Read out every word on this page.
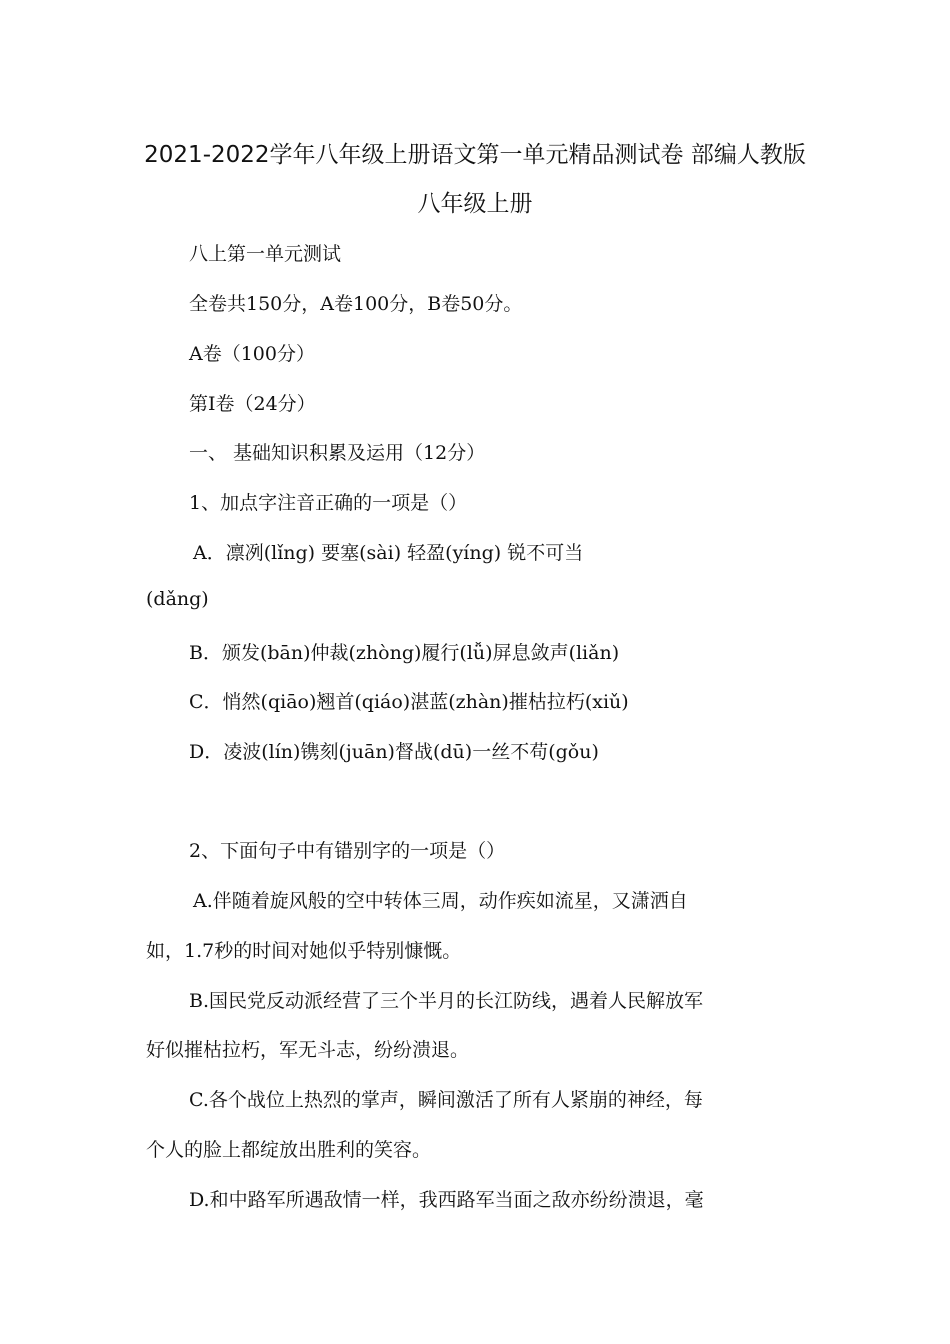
2021-2022学年八年级上册语文第一单元精品测试卷 部编人教版
八年级上册
八上第一单元测试
全卷共150分，A卷100分，B卷50分。
A卷（100分）
第Ⅰ卷（24分）
一、 基础知识积累及运用（12分）
1、加点字注音正确的一项是（）
A．凛冽(lǐng) 要塞(sài) 轻盈(yíng) 锐不可当
(dǎng)
B．颁发(bān)仲裁(zhòng)履行(lǚ)屏息敛声(liǎn)
C．悄然(qiāo)翘首(qiáo)湛蓝(zhàn)摧枯拉朽(xiǔ)
D．凌波(lín)镌刻(juān)督战(dū)一丝不苟(gǒu)
2、下面句子中有错别字的一项是（）
A.伴随着旋风般的空中转体三周，动作疾如流星，又潇洒自
如，1.7秒的时间对她似乎特别慷慨。
B.国民党反动派经营了三个半月的长江防线，遇着人民解放军
好似摧枯拉朽，军无斗志，纷纷溃退。
C.各个战位上热烈的掌声，瞬间激活了所有人紧崩的神经，每
个人的脸上都绽放出胜利的笑容。
D.和中路军所遇敌情一样，我西路军当面之敌亦纷纷溃退，毫
